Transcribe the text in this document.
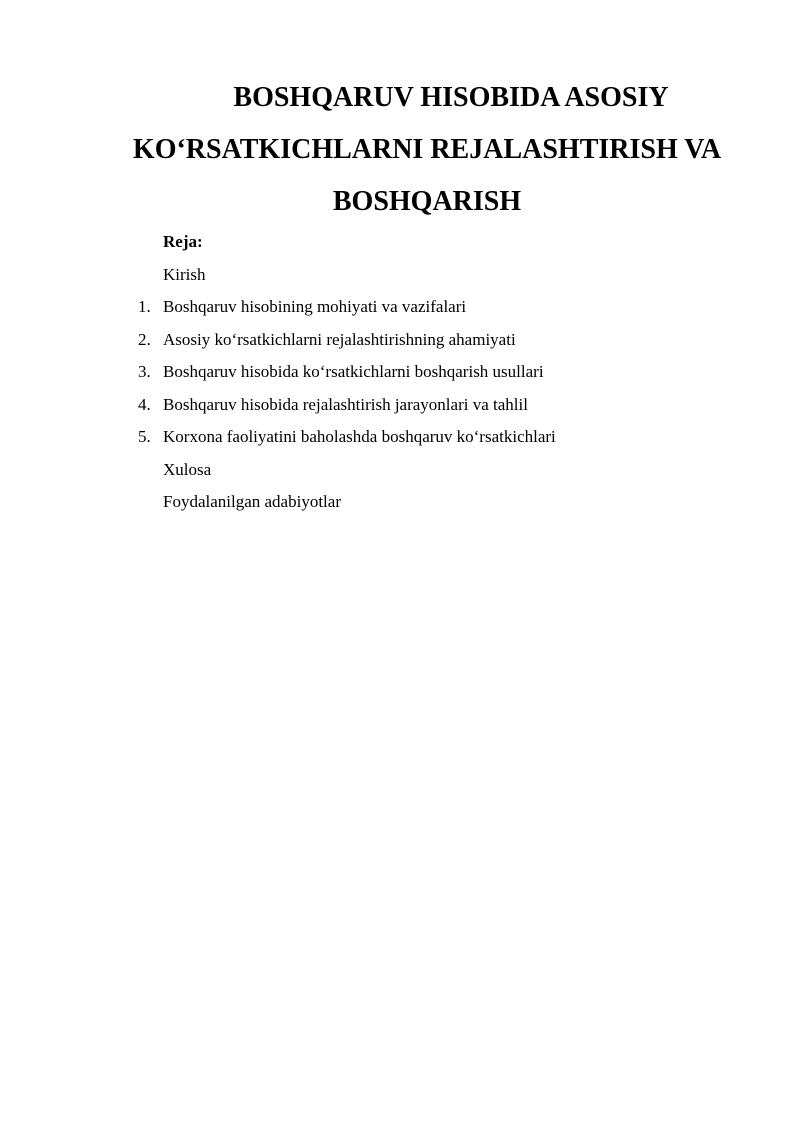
BOSHQARUV HISOBIDA ASOSIY
KO‘RSATKICHLARNI REJALASHTIRISH VA
BOSHQARISH
Reja:
Kirish
1. Boshqaruv hisobining mohiyati va vazifalari
2. Asosiy ko‘rsatkichlarni rejalashtirishning ahamiyati
3. Boshqaruv hisobida ko‘rsatkichlarni boshqarish usullari
4. Boshqaruv hisobida rejalashtirish jarayonlari va tahlil
5. Korxona faoliyatini baholashda boshqaruv ko‘rsatkichlari
Xulosa
Foydalanilgan adabiyotlar
